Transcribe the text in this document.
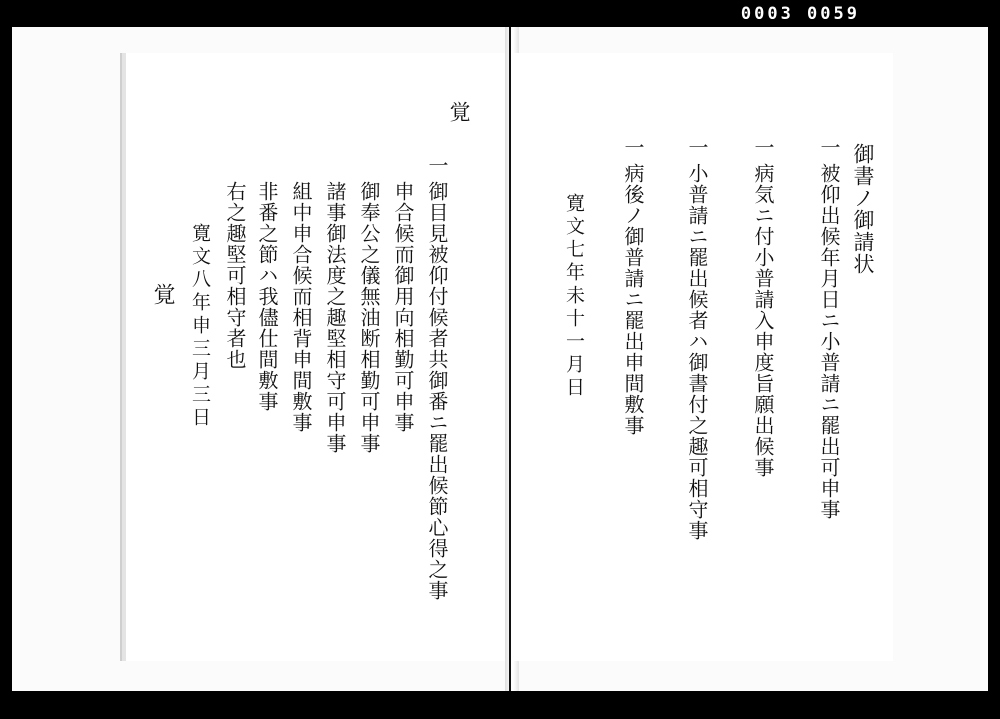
0003 0059
覚
一
御目見被仰付候者共御番ニ罷出候節心得之事
申合候而御用向相勤可申事
御奉公之儀無油断相勤可申事
諸事御法度之趣堅相守可申事
組中申合候而相背申間敷事
非番之節ハ我儘仕間敷事
右之趣堅可相守者也
寛文八年申三月三日
覚
御書ノ御請状
一
被仰出候年月日ニ小普請ニ罷出可申事
一
病気ニ付小普請入申度旨願出候事
一
小普請ニ罷出候者ハ御書付之趣可相守事
一
病後ノ御普請ニ罷出申間敷事
寛文七年未十一月日
